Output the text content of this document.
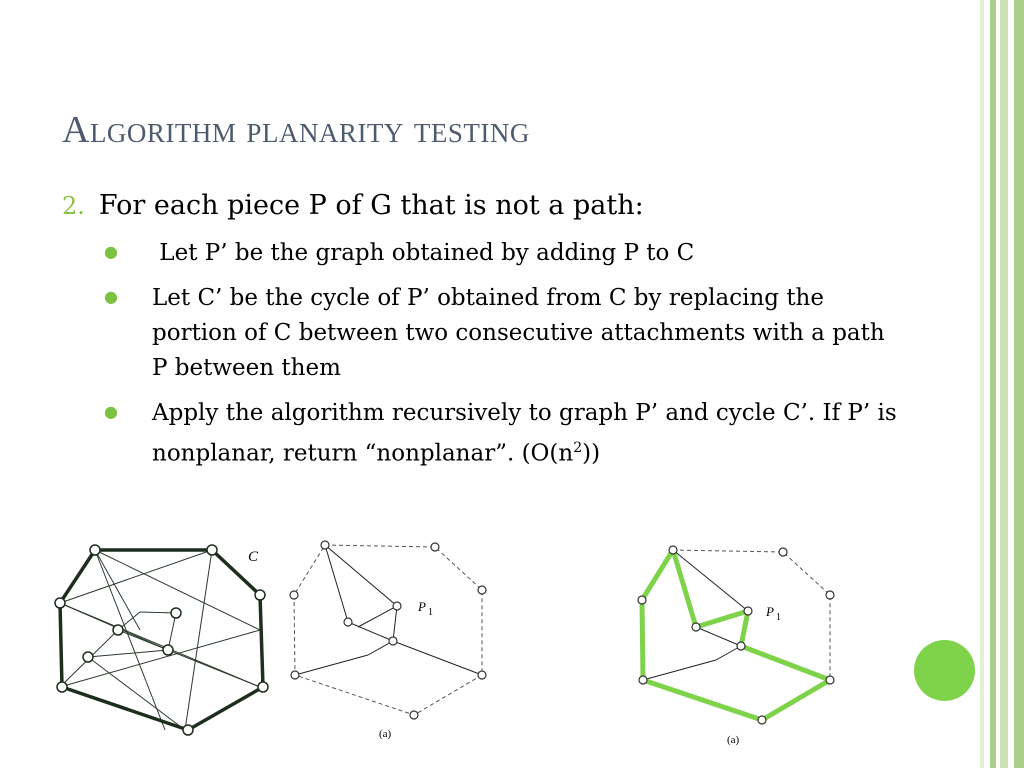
Algorithm planarity testing
2. For each piece P of G that is not a path:
●	Let P’ be the graph obtained by adding P to C
●	Let C’ be the cycle of P’ obtained from C by replacing the portion of C between two consecutive attachments with a path P between them
●	Apply the algorithm recursively to graph P’ and cycle C’. If P’ is nonplanar, return “nonplanar”. $(O(n^2))$
C
P 1
(a)
P 1
(a)
